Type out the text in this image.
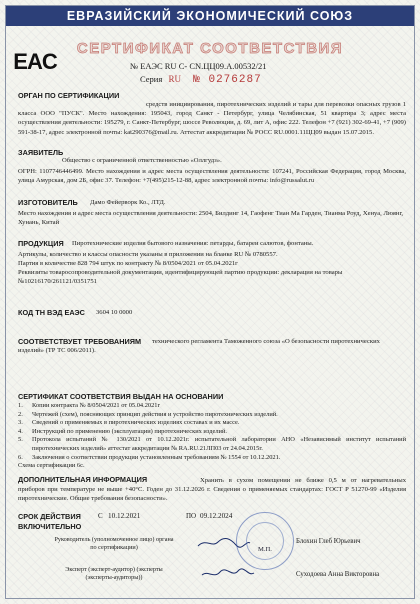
ЕВРАЗИЙСКИЙ ЭКОНОМИЧЕСКИЙ СОЮЗ
EAC
СЕРТИФИКАТ СООТВЕТСТВИЯ
№ ЕАЭС RU С- CN.ЦЦ09.А.00532/21
Серия RU № 0276287
ОРГАН ПО СЕРТИФИКАЦИИ
средств инициирования, пиротехнических изделий и тары для перевозки опасных грузов 1 класса ООО "ПУСК". Место нахождения: 195043, город Санкт - Петербург, улица Челябинская, 51 квартира 3; адрес места осуществления деятельности: 195279, г. Санкт-Петербург, шоссе Революции, д. 69, лит А, офис 222. Телефон +7 (921) 302-69-41, +7 (909) 591-38-17, адрес электронной почты: kat290376@mail.ru. Аттестат аккредитации № РОСС RU.0001.11ЦЦ09 выдан 15.07.2015.
ЗАЯВИТЕЛЬ
Общество с ограниченной ответственностью «Оллгудз».
ОГРН: 1107746446499. Место нахождения и адрес места осуществления деятельности: 107241, Российская Федерация, город Москва, улица Амурская, дом 2Б, офис 37. Телефон: +7(495)215-12-88, адрес электронной почты: info@russalut.ru
ИЗГОТОВИТЕЛЬ Дамо Фейерворк Ко., ЛТД.
Место нахождения и адрес места осуществления деятельности: 2504, Билдинг 14, Гаофенг Тиан Ма Гарден, Тианма Роуд, Хенуа, Люянг, Хунань, Китай
ПРОДУКЦИЯ Пиротехнические изделия бытового назначения: петарды, батареи салютов, фонтаны.
Артикулы, количество и классы опасности указаны в приложении на бланке RU № 0780557.
Партия в количестве 828 794 штук по контракту № 8/0504/2021 от 05.04.2021г
Реквизиты товаросопроводительной документации, идентифицирующей партию продукции: декларация на товары №10216170/261121/0351751
КОД ТН ВЭД ЕАЭС 3604 10 0000
СООТВЕТСТВУЕТ ТРЕБОВАНИЯМ	технического регламента Таможенного союза «О безопасности пиротехнических изделий» (ТР ТС 006/2011).
СЕРТИФИКАТ СООТВЕТСТВИЯ ВЫДАН НА ОСНОВАНИИ
1.	Копии контракта № 8/0504/2021 от 05.04.2021г
2.	Чертежей (схем), поясняющих принцип действия и устройство пиротехнических изделий.
3.	Сведений о применяемых в пиротехнических изделиях составах и их массе.
4.	Инструкций по применению (эксплуатации) пиротехнических изделий.
5.	Протокола испытаний № 130/2021 от 10.12.2021г. испытательной лаборатории АНО «Независимый институт испытаний пиротехнических изделий» аттестат аккредитации № RA.RU.21ЛП03 от 24.04.2015г.
6.	Заключения о соответствии продукции установленным требованиям № 1554 от 10.12.2021.
Схема сертификации 6с.
ДОПОЛНИТЕЛЬНАЯ ИНФОРМАЦИЯ	Хранить в сухом помещении не ближе 0,5 м от нагревательных приборов при температуре не выше +40°С. Годен до 31.12.2026 г. Сведения о применяемых стандартах: ГОСТ Р 51270-99 «Изделия пиротехнические. Общие требования безопасности».
СРОК ДЕЙСТВИЯ С 10.12.2021	ПО 09.12.2024
ВКЛЮЧИТЕЛЬНО
Руководитель (уполномоченное лицо) органа по сертификации)	М.П.
Блохин Глеб Юрьевич
Эксперт (эксперт-аудитор) (эксперты (эксперты-аудиторы))	Суходоева Анна Викторовна
